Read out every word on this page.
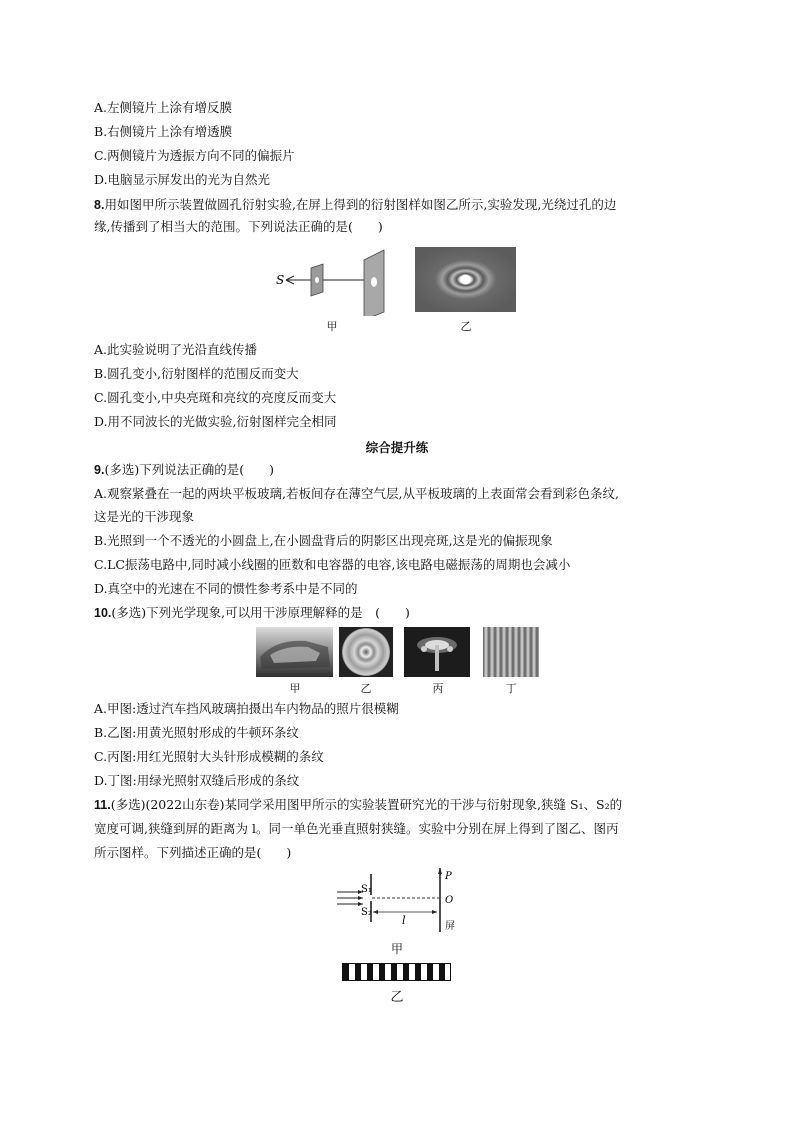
A.左侧镜片上涂有增反膜
B.右侧镜片上涂有增透膜
C.两侧镜片为透振方向不同的偏振片
D.电脑显示屏发出的光为自然光
8.用如图甲所示装置做圆孔衍射实验,在屏上得到的衍射图样如图乙所示,实验发现,光绕过孔的边
缘,传播到了相当大的范围。下列说法正确的是(　　)
S
甲	乙
A.此实验说明了光沿直线传播
B.圆孔变小,衍射图样的范围反而变大
C.圆孔变小,中央亮斑和亮纹的亮度反而变大
D.用不同波长的光做实验,衍射图样完全相同
综合提升练
9.(多选)下列说法正确的是(　　)
A.观察紧叠在一起的两块平板玻璃,若板间存在薄空气层,从平板玻璃的上表面常会看到彩色条纹,
这是光的干涉现象
B.光照到一个不透光的小圆盘上,在小圆盘背后的阴影区出现亮斑,这是光的偏振现象
C.LC振荡电路中,同时减小线圈的匝数和电容器的电容,该电路电磁振荡的周期也会减小
D.真空中的光速在不同的惯性参考系中是不同的
10.(多选)下列光学现象,可以用干涉原理解释的是　(　　)
甲	乙	丙	丁
A.甲图:透过汽车挡风玻璃拍摄出车内物品的照片很模糊
B.乙图:用黄光照射形成的牛顿环条纹
C.丙图:用红光照射大头针形成模糊的条纹
D.丁图:用绿光照射双缝后形成的条纹
11.(多选)(2022山东卷)某同学采用图甲所示的实验装置研究光的干涉与衍射现象,狭缝 S₁、S₂的
宽度可调,狭缝到屏的距离为 l。同一单色光垂直照射狭缝。实验中分别在屏上得到了图乙、图丙
所示图样。下列描述正确的是(　　)
S₁
S₂
l
P
O
屏
甲
乙
